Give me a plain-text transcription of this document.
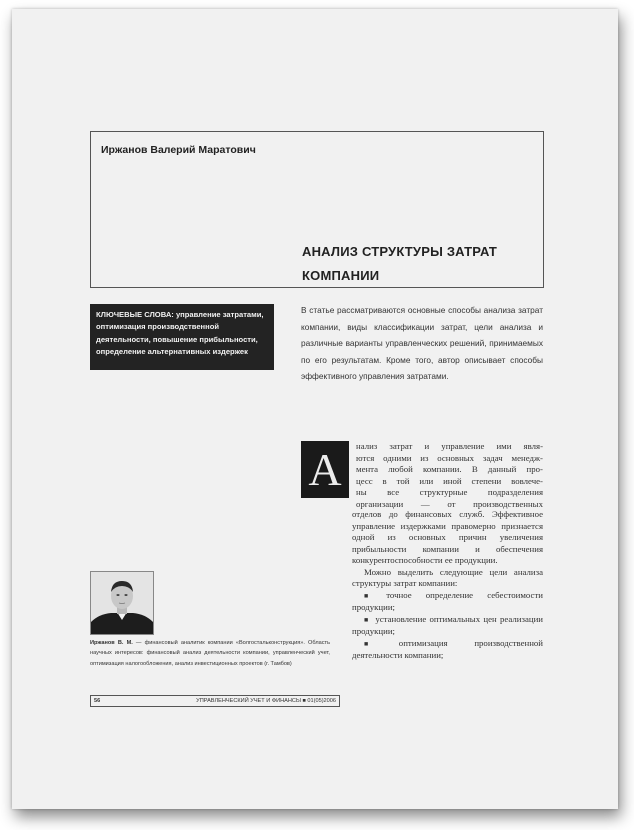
Иржанов Валерий Маратович
АНАЛИЗ СТРУКТУРЫ ЗАТРАТ
КОМПАНИИ
КЛЮЧЕВЫЕ СЛОВА: управление затратами, оптимизация производственной деятельности, повышение прибыльности, определение альтернативных издержек
В статье рассматриваются основные способы анализа затрат компании, виды классификации затрат, цели анализа и различные варианты управленческих решений, принимаемых по его результатам. Кроме того, автор описывает способы эффективного управления затратами.
А	нализ затрат и управление ими явля-
ются одними из основных задач менедж-
мента любой компании. В данный про-
цесс в той или иной степени вовлече-
ны все структурные подразделения
организации — от производственных

отделов до финансовых служб. Эффективное управление издержками правомерно признается одной из основных причин увеличения прибыльности компании и обеспечения конкурентоспособности ее продукции.

Можно выделить следующие цели анализа структуры затрат компании:

■ точное определение себестоимости продукции;

■ установление оптимальных цен реализации продукции;

■ оптимизация производственной деятельности компании;

Иржанов В. М. — финансовый аналитик компании «Волгостальконструкция». Область научных интересов: финансовый анализ деятельности компании, управленческий учет, оптимизация налогообложения, анализ инвестиционных проектов (г. Тамбов)
56	УПРАВЛЕНЧЕСКИЙ УЧЕТ И ФИНАНСЫ ■ 01(05)2006
